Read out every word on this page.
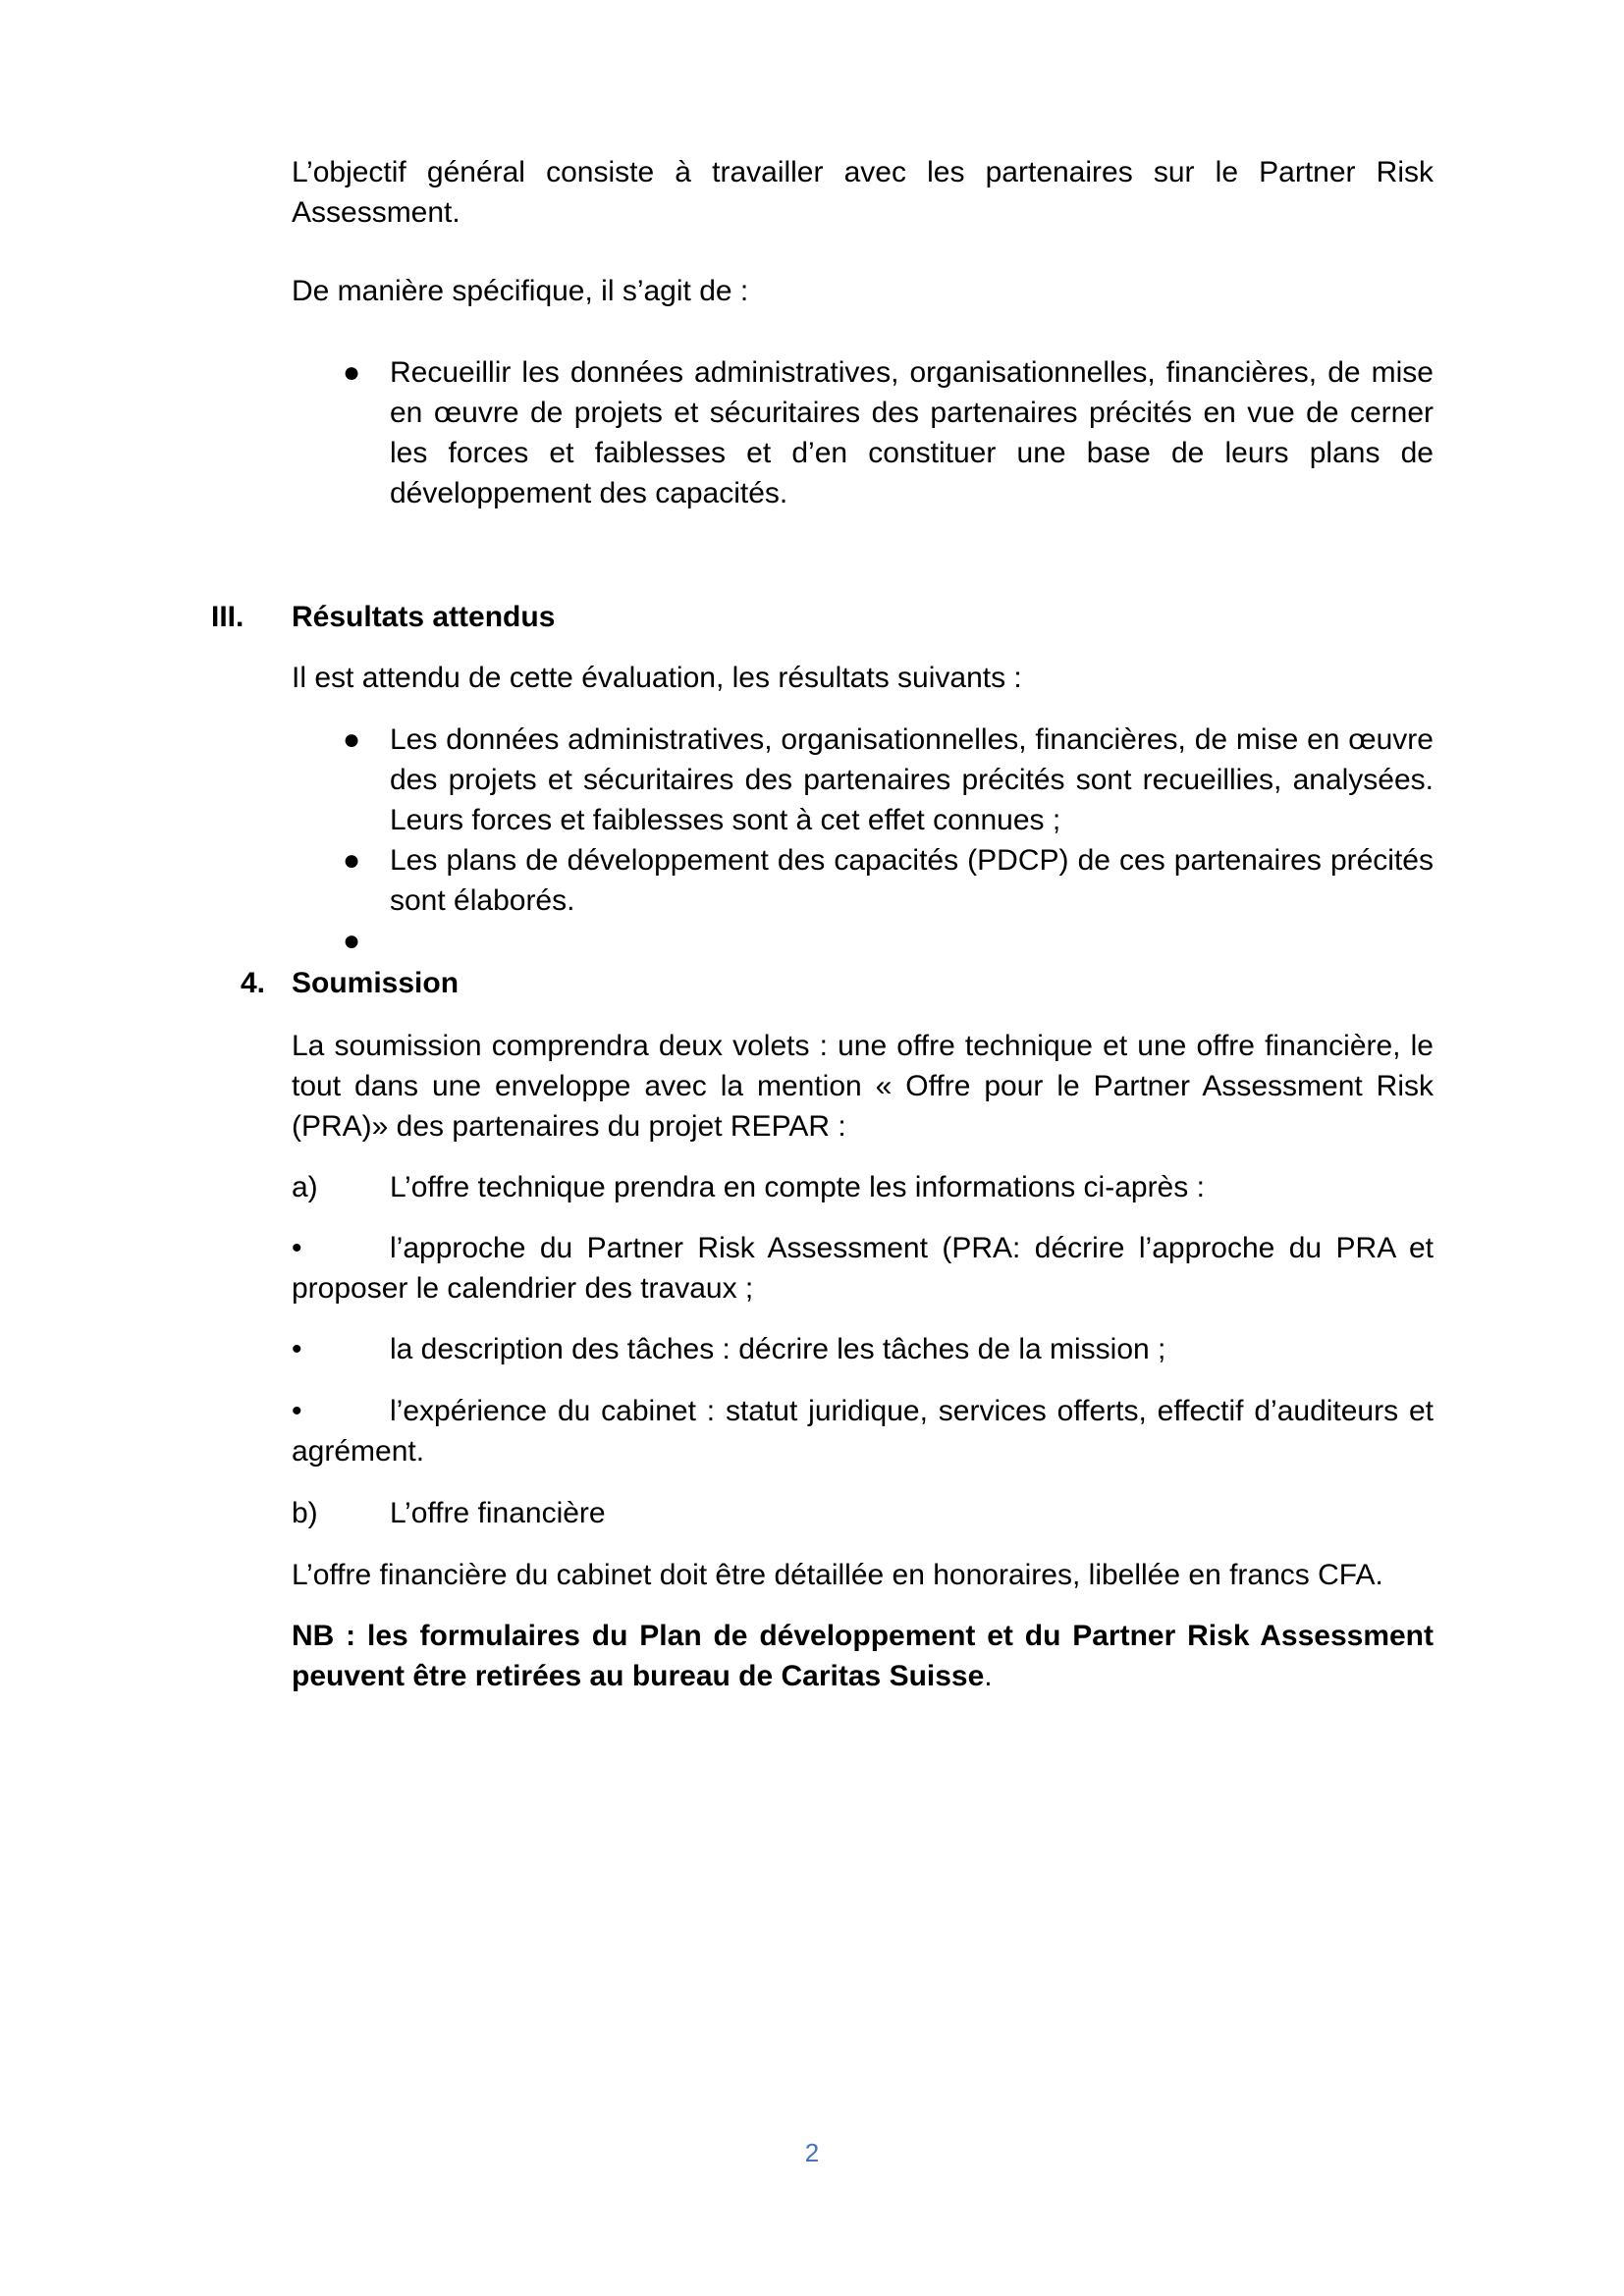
L’objectif général consiste à travailler avec les partenaires sur le Partner Risk Assessment.

De manière spécifique, il s’agit de :

● Recueillir les données administratives, organisationnelles, financières, de mise en œuvre de projets et sécuritaires des partenaires précités en vue de cerner les forces et faiblesses et d’en constituer une base de leurs plans de développement des capacités.
III.	Résultats attendus

Il est attendu de cette évaluation, les résultats suivants :

● Les données administratives, organisationnelles, financières, de mise en œuvre des projets et sécuritaires des partenaires précités sont recueillies, analysées. Leurs forces et faiblesses sont à cet effet connues ;
● Les plans de développement des capacités (PDCP) de ces partenaires précités sont élaborés.
●
4. Soumission

La soumission comprendra deux volets : une offre technique et une offre financière, le tout dans une enveloppe avec la mention « Offre pour le Partner Assessment Risk (PRA)» des partenaires du projet REPAR :

a) L’offre technique prendra en compte les informations ci-après :

•	l’approche du Partner Risk Assessment (PRA: décrire l’approche du PRA et proposer le calendrier des travaux ;

•	la description des tâches : décrire les tâches de la mission ;

•	l’expérience du cabinet : statut juridique, services offerts, effectif d’auditeurs et agrément.

b) L’offre financière

L’offre financière du cabinet doit être détaillée en honoraires, libellée en francs CFA.

NB : les formulaires du Plan de développement et du Partner Risk Assessment peuvent être retirées au bureau de Caritas Suisse.

2
